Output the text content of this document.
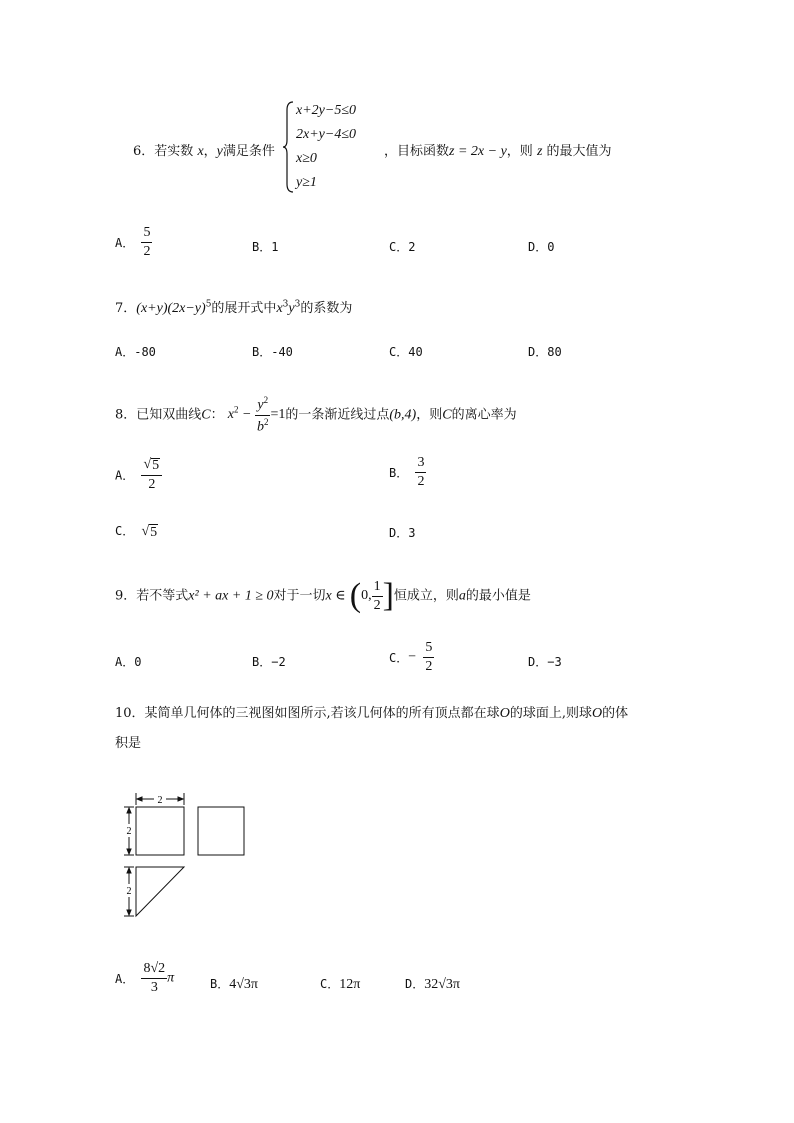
6．若实数 x，y满足条件
x+2y−5≤0
2x+y−4≤0
x≥0
y≥1
，目标函数z = 2x − y，则 z 的最大值为
A． $\frac{5}{2}$	B．1	C．2	D．0
7．$(x+y)(2x-y)^5$的展开式中$x^3y^3$的系数为
A．-80	B．-40	C．40	D．80
8．已知双曲线C： $x^2 - \frac{y^2}{b^2} =1$的一条渐近线过点(b,4)，则C的离心率为
A． $\frac{√ 5}{2}$	B． $\frac{3}{2}$
C． √ 5	D．3
9．若不等式x² + ax + 1 ≥ 0对于一切x ∈ ( 0, $\frac{1}{2}$ ] 恒成立，则a的最小值是
A．0	B．−2	C．− $\frac{5}{2}$	D．−3
10．某简单几何体的三视图如图所示,若该几何体的所有顶点都在球O的球面上,则球O的体
积是
2
2
2
A． $\frac{8√2}{3}$ π	B．4√3π	C．12π	D．32√3π
